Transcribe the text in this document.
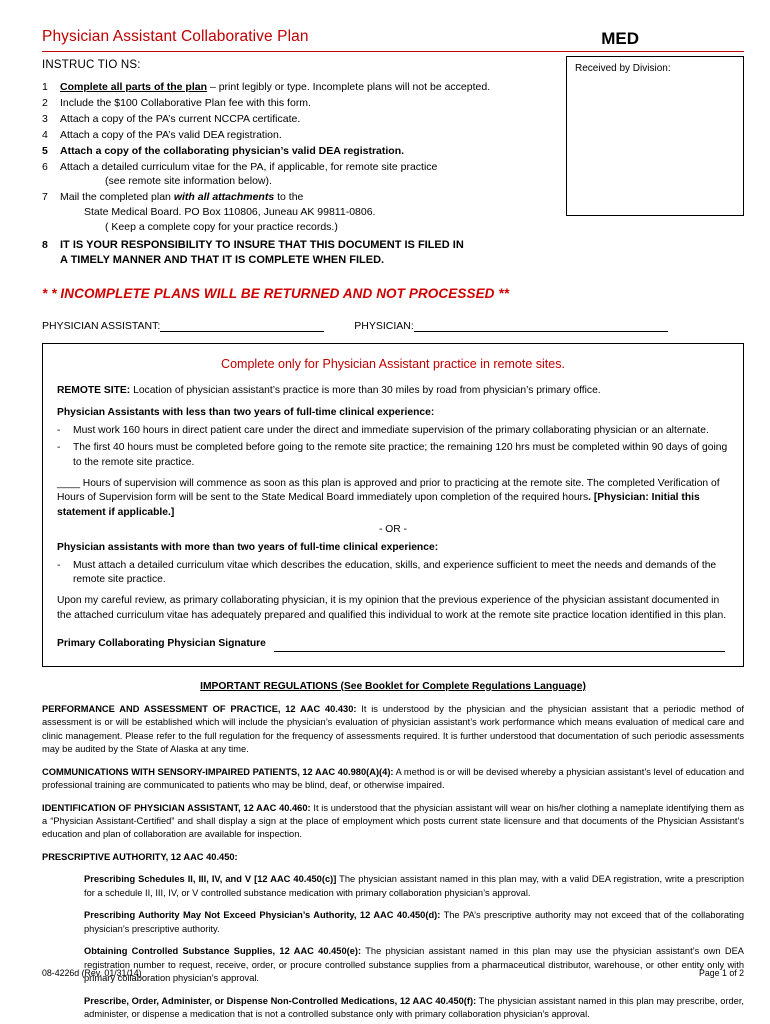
Physician Assistant Collaborative Plan	MED
INSTRUC TIO NS:	Received by Division:
1	Complete all parts of the plan – print legibly or type. Incomplete plans will not be accepted.
2	Include the $100 Collaborative Plan fee with this form.
3	Attach a copy of the PA’s current NCCPA certificate.
4	Attach a copy of the PA’s valid DEA registration.
5	Attach a copy of the collaborating physician’s valid DEA registration.
6	Attach a detailed curriculum vitae for the PA, if applicable, for remote site practice
(see remote site information below).
7	Mail the completed plan with all attachments to the
State Medical Board. PO Box 110806, Juneau AK 99811-0806.
( Keep a complete copy for your practice records.)
8	IT IS YOUR RESPONSIBILITY TO INSURE THAT THIS DOCUMENT IS FILED IN
A TIMELY MANNER AND THAT IT IS COMPLETE WHEN FILED.
* * INCOMPLETE PLANS WILL BE RETURNED AND NOT PROCESSED **
PHYSICIAN ASSISTANT:	PHYSICIAN:
Complete only for Physician Assistant practice in remote sites.
REMOTE SITE: Location of physician assistant’s practice is more than 30 miles by road from physician’s primary office.
Physician Assistants with less than two years of full-time clinical experience:
-	Must work 160 hours in direct patient care under the direct and immediate supervision of the primary collaborating physician or an alternate.
-	The first 40 hours must be completed before going to the remote site practice; the remaining 120 hrs must be completed within 90 days of going to the remote site practice.
____ Hours of supervision will commence as soon as this plan is approved and prior to practicing at the remote site. The completed Verification of Hours of Supervision form will be sent to the State Medical Board immediately upon completion of the required hours. [Physician: Initial this statement if applicable.]
- OR -
Physician assistants with more than two years of full-time clinical experience:
-	Must attach a detailed curriculum vitae which describes the education, skills, and experience sufficient to meet the needs and demands of the remote site practice.
Upon my careful review, as primary collaborating physician, it is my opinion that the previous experience of the physician assistant documented in the attached curriculum vitae has adequately prepared and qualified this individual to work at the remote site practice location identified in this plan.
Primary Collaborating Physician Signature
IMPORTANT REGULATIONS (See Booklet for Complete Regulations Language)
PERFORMANCE AND ASSESSMENT OF PRACTICE, 12 AAC 40.430: It is understood by the physician and the physician assistant that a periodic method of assessment is or will be established which will include the physician’s evaluation of physician assistant’s work performance which means evaluation of medical care and clinic management. Please refer to the full regulation for the frequency of assessments required. It is further understood that documentation of such periodic assessments may be audited by the State of Alaska at any time.
COMMUNICATIONS WITH SENSORY-IMPAIRED PATIENTS, 12 AAC 40.980(A)(4): A method is or will be devised whereby a physician assistant’s level of education and professional training are communicated to patients who may be blind, deaf, or otherwise impaired.
IDENTIFICATION OF PHYSICIAN ASSISTANT, 12 AAC 40.460: It is understood that the physician assistant will wear on his/her clothing a nameplate identifying them as a “Physician Assistant-Certified” and shall display a sign at the place of employment which posts current state licensure and that documents of the Physician Assistant’s education and plan of collaboration are available for inspection.
PRESCRIPTIVE AUTHORITY, 12 AAC 40.450:
Prescribing Schedules II, III, IV, and V [12 AAC 40.450(c)] The physician assistant named in this plan may, with a valid DEA registration, write a prescription for a schedule II, III, IV, or V controlled substance medication with primary collaboration physician’s approval.
Prescribing Authority May Not Exceed Physician’s Authority, 12 AAC 40.450(d): The PA’s prescriptive authority may not exceed that of the collaborating physician’s prescriptive authority.
Obtaining Controlled Substance Supplies, 12 AAC 40.450(e): The physician assistant named in this plan may use the physician assistant’s own DEA registration number to request, receive, order, or procure controlled substance supplies from a pharmaceutical distributor, warehouse, or other entity only with primary collaboration physician’s approval.
Prescribe, Order, Administer, or Dispense Non-Controlled Medications, 12 AAC 40.450(f): The physician assistant named in this plan may prescribe, order, administer, or dispense a medication that is not a controlled substance only with primary collaboration physician’s approval.
08-4226d (Rev. 01/31/14)	Page 1 of 2
